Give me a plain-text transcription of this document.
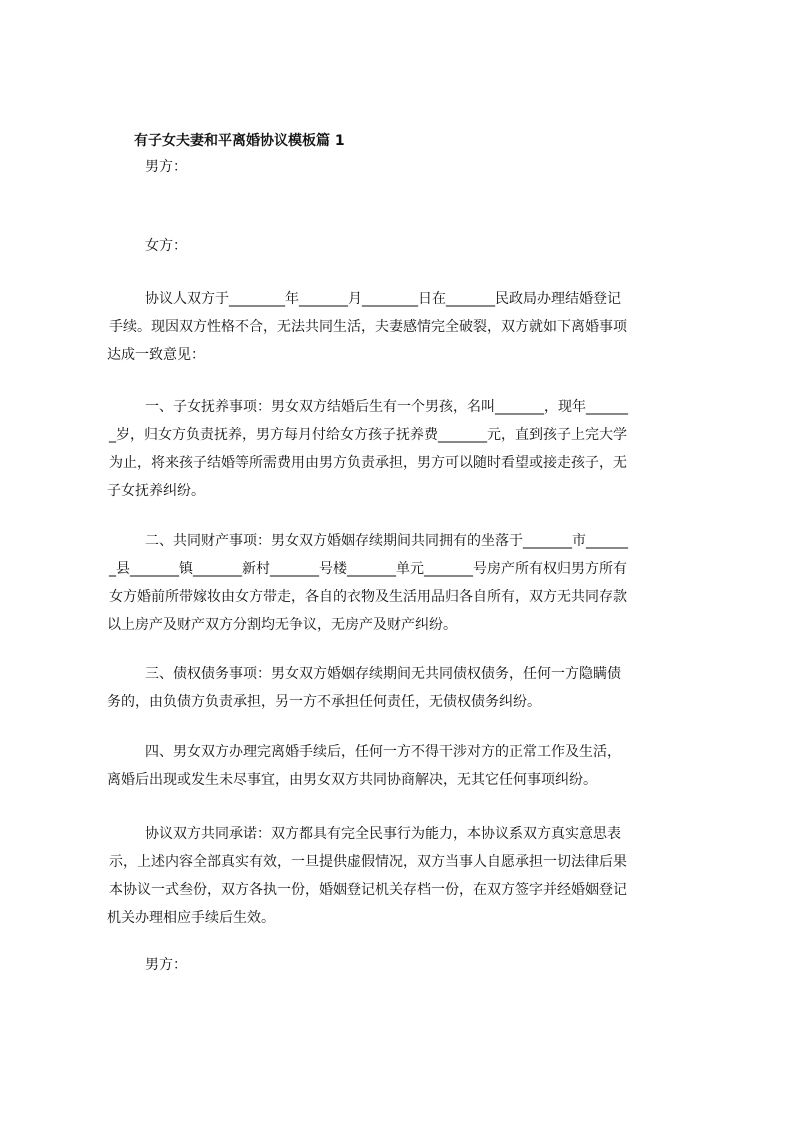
有子女夫妻和平离婚协议模板篇 1
男方：
女方：
协议人双方于________年_______月________日在_______民政局办理结婚登记
手续。现因双方性格不合，无法共同生活，夫妻感情完全破裂，双方就如下离婚事项
达成一致意见：
一、子女抚养事项：男女双方结婚后生有一个男孩，名叫_______，现年______
_岁，归女方负责抚养，男方每月付给女方孩子抚养费_______元，直到孩子上完大学
为止，将来孩子结婚等所需费用由男方负责承担，男方可以随时看望或接走孩子，无
子女抚养纠纷。
二、共同财产事项：男女双方婚姻存续期间共同拥有的坐落于_______市______
_县_______镇_______新村_______号楼_______单元_______号房产所有权归男方所有
女方婚前所带嫁妆由女方带走，各自的衣物及生活用品归各自所有，双方无共同存款
以上房产及财产双方分割均无争议，无房产及财产纠纷。
三、债权债务事项：男女双方婚姻存续期间无共同债权债务，任何一方隐瞒债
务的，由负债方负责承担，另一方不承担任何责任，无债权债务纠纷。
四、男女双方办理完离婚手续后，任何一方不得干涉对方的正常工作及生活，
离婚后出现或发生未尽事宜，由男女双方共同协商解决，无其它任何事项纠纷。
协议双方共同承诺：双方都具有完全民事行为能力，本协议系双方真实意思表
示，上述内容全部真实有效，一旦提供虚假情况，双方当事人自愿承担一切法律后果
本协议一式叁份，双方各执一份，婚姻登记机关存档一份，在双方签字并经婚姻登记
机关办理相应手续后生效。
男方：
